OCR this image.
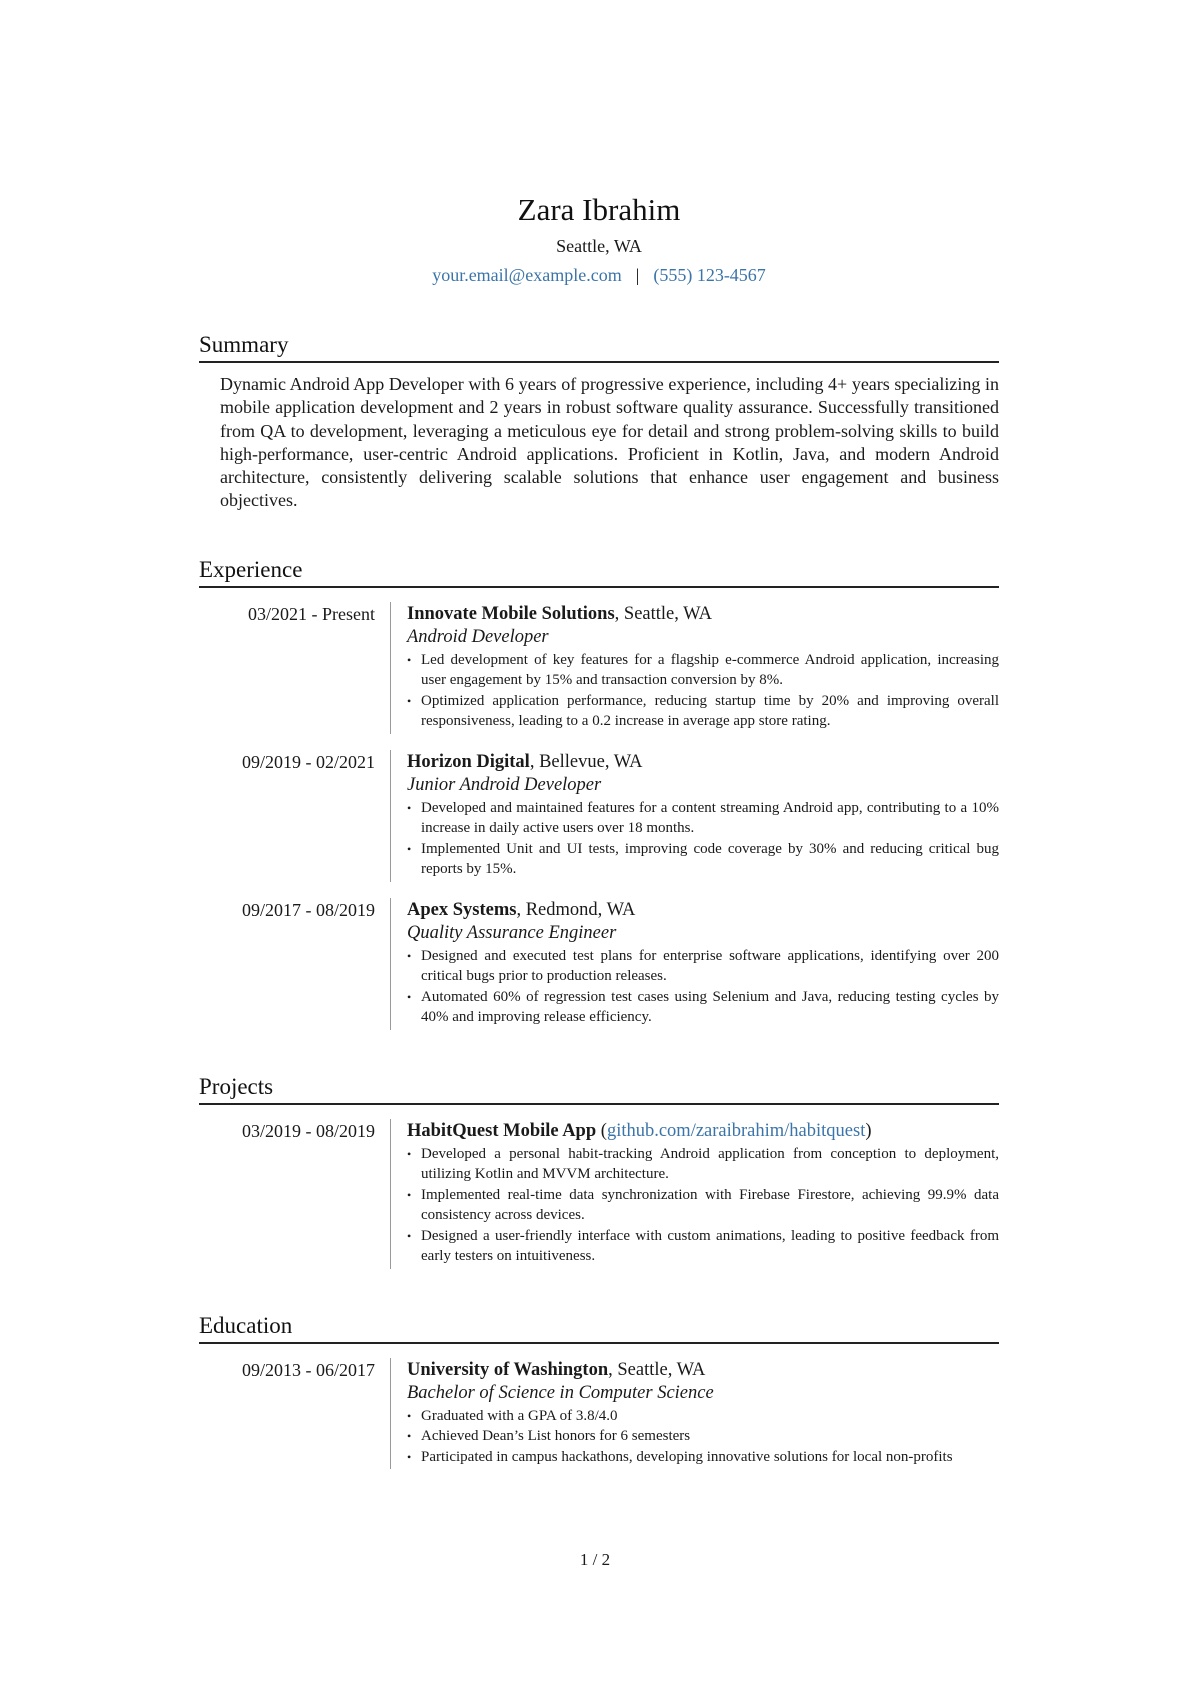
Zara Ibrahim
Seattle, WA
your.email@example.com | (555) 123-4567
Summary

Dynamic Android App Developer with 6 years of progressive experience, including 4+ years specializing in mobile application development and 2 years in robust software quality assurance. Successfully transitioned from QA to development, leveraging a meticulous eye for detail and strong problem-solving skills to build high-performance, user-centric Android applications. Proficient in Kotlin, Java, and modern Android architecture, consistently delivering scalable solutions that enhance user engagement and business objectives.

Experience
03/2021 - Present	Innovate Mobile Solutions, Seattle, WA
Android Developer
• Led development of key features for a flagship e-commerce Android application, increasing user engagement by 15% and transaction conversion by 8%.
• Optimized application performance, reducing startup time by 20% and improving overall responsiveness, leading to a 0.2 increase in average app store rating.
09/2019 - 02/2021	Horizon Digital, Bellevue, WA
Junior Android Developer
• Developed and maintained features for a content streaming Android app, contributing to a 10% increase in daily active users over 18 months.
• Implemented Unit and UI tests, improving code coverage by 30% and reducing critical bug reports by 15%.
09/2017 - 08/2019	Apex Systems, Redmond, WA
Quality Assurance Engineer
• Designed and executed test plans for enterprise software applications, identifying over 200 critical bugs prior to production releases.
• Automated 60% of regression test cases using Selenium and Java, reducing testing cycles by 40% and improving release efficiency.
Projects
03/2019 - 08/2019	HabitQuest Mobile App (github.com/zaraibrahim/habitquest)
• Developed a personal habit-tracking Android application from conception to deployment, utilizing Kotlin and MVVM architecture.
• Implemented real-time data synchronization with Firebase Firestore, achieving 99.9% data consistency across devices.
• Designed a user-friendly interface with custom animations, leading to positive feedback from early testers on intuitiveness.
Education
09/2013 - 06/2017	University of Washington, Seattle, WA
Bachelor of Science in Computer Science
• Graduated with a GPA of 3.8/4.0
• Achieved Dean’s List honors for 6 semesters
• Participated in campus hackathons, developing innovative solutions for local non-profits
1 / 2
